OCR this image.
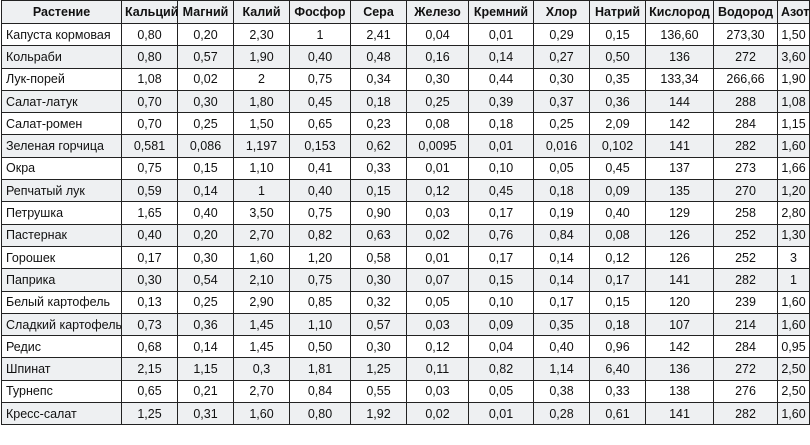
Растение	Кальций	Магний	Калий	Фосфор	Сера	Железо	Кремний	Хлор	Натрий	Кислород	Водород	Азот
Капуста кормовая	0,80	0,20	2,30	1	2,41	0,04	0,01	0,29	0,15	136,60	273,30	1,50
Кольраби	0,80	0,57	1,90	0,40	0,48	0,16	0,14	0,27	0,50	136	272	3,60
Лук-порей	1,08	0,02	2	0,75	0,34	0,30	0,44	0,30	0,35	133,34	266,66	1,90
Салат-латук	0,70	0,30	1,80	0,45	0,18	0,25	0,39	0,37	0,36	144	288	1,08
Салат-ромен	0,70	0,25	1,50	0,65	0,23	0,08	0,18	0,25	2,09	142	284	1,15
Зеленая горчица	0,581	0,086	1,197	0,153	0,62	0,0095	0,01	0,016	0,102	141	282	1,60
Окра	0,75	0,15	1,10	0,41	0,33	0,01	0,10	0,05	0,45	137	273	1,66
Репчатый лук	0,59	0,14	1	0,40	0,15	0,12	0,45	0,18	0,09	135	270	1,20
Петрушка	1,65	0,40	3,50	0,75	0,90	0,03	0,17	0,19	0,40	129	258	2,80
Пастернак	0,40	0,20	2,70	0,82	0,63	0,02	0,76	0,84	0,08	126	252	1,30
Горошек	0,17	0,30	1,60	1,20	0,58	0,01	0,17	0,14	0,12	126	252	3
Паприка	0,30	0,54	2,10	0,75	0,30	0,07	0,15	0,14	0,17	141	282	1
Белый картофель	0,13	0,25	2,90	0,85	0,32	0,05	0,10	0,17	0,15	120	239	1,60
Сладкий картофель	0,73	0,36	1,45	1,10	0,57	0,03	0,09	0,35	0,18	107	214	1,60
Редис	0,68	0,14	1,45	0,50	0,30	0,12	0,04	0,40	0,96	142	284	0,95
Шпинат	2,15	1,15	0,3	1,81	1,25	0,11	0,82	1,14	6,40	136	272	2,50
Турнепс	0,65	0,21	2,70	0,84	0,55	0,03	0,05	0,38	0,33	138	276	2,50
Кресс-салат	1,25	0,31	1,60	0,80	1,92	0,02	0,01	0,28	0,61	141	282	1,60
